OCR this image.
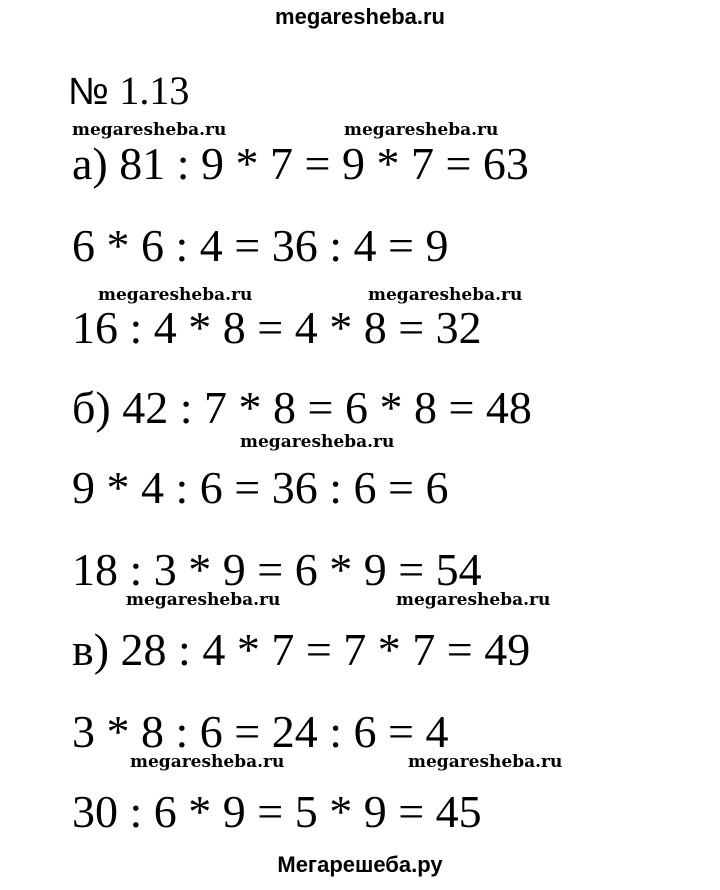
megaresheba.ru
№ 1.13
а) 81 : 9 * 7 = 9 * 7 = 63
6 * 6 : 4 = 36 : 4 = 9
16 : 4 * 8 = 4 * 8 = 32
б) 42 : 7 * 8 = 6 * 8 = 48
9 * 4 : 6 = 36 : 6 = 6
18 : 3 * 9 = 6 * 9 = 54
в) 28 : 4 * 7 = 7 * 7 = 49
3 * 8 : 6 = 24 : 6 = 4
30 : 6 * 9 = 5 * 9 = 45
megaresheba.ru	megaresheba.ru
megaresheba.ru	megaresheba.ru
megaresheba.ru
megaresheba.ru	megaresheba.ru
megaresheba.ru	megaresheba.ru
Мегарешеба.ру
